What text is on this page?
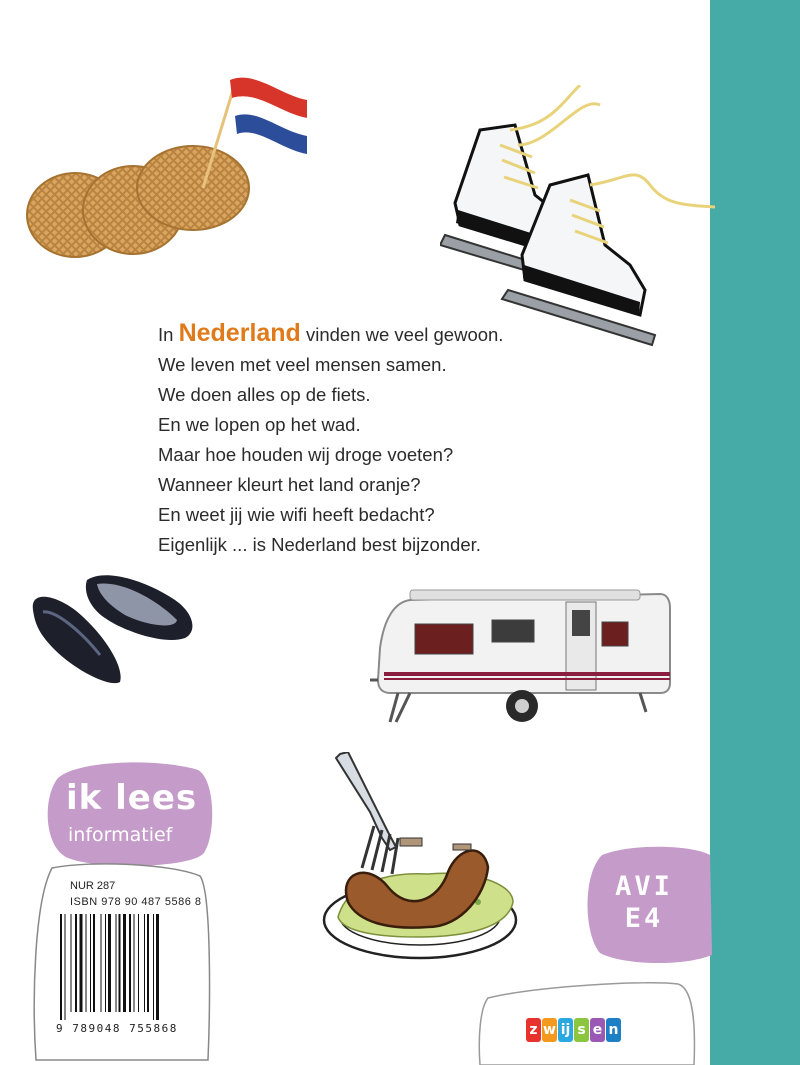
In Nederland vinden we veel gewoon.

We leven met veel mensen samen.

We doen alles op de fiets.

En we lopen op het wad.

Maar hoe houden wij droge voeten?

Wanneer kleurt het land oranje?

En weet jij wie wifi heeft bedacht?

Eigenlijk ... is Nederland best bijzonder.

ik lees
informatief
NUR 287
ISBN 978 90 487 5586 8
9 789048 755868
AVI
E4
z w ij s e n
